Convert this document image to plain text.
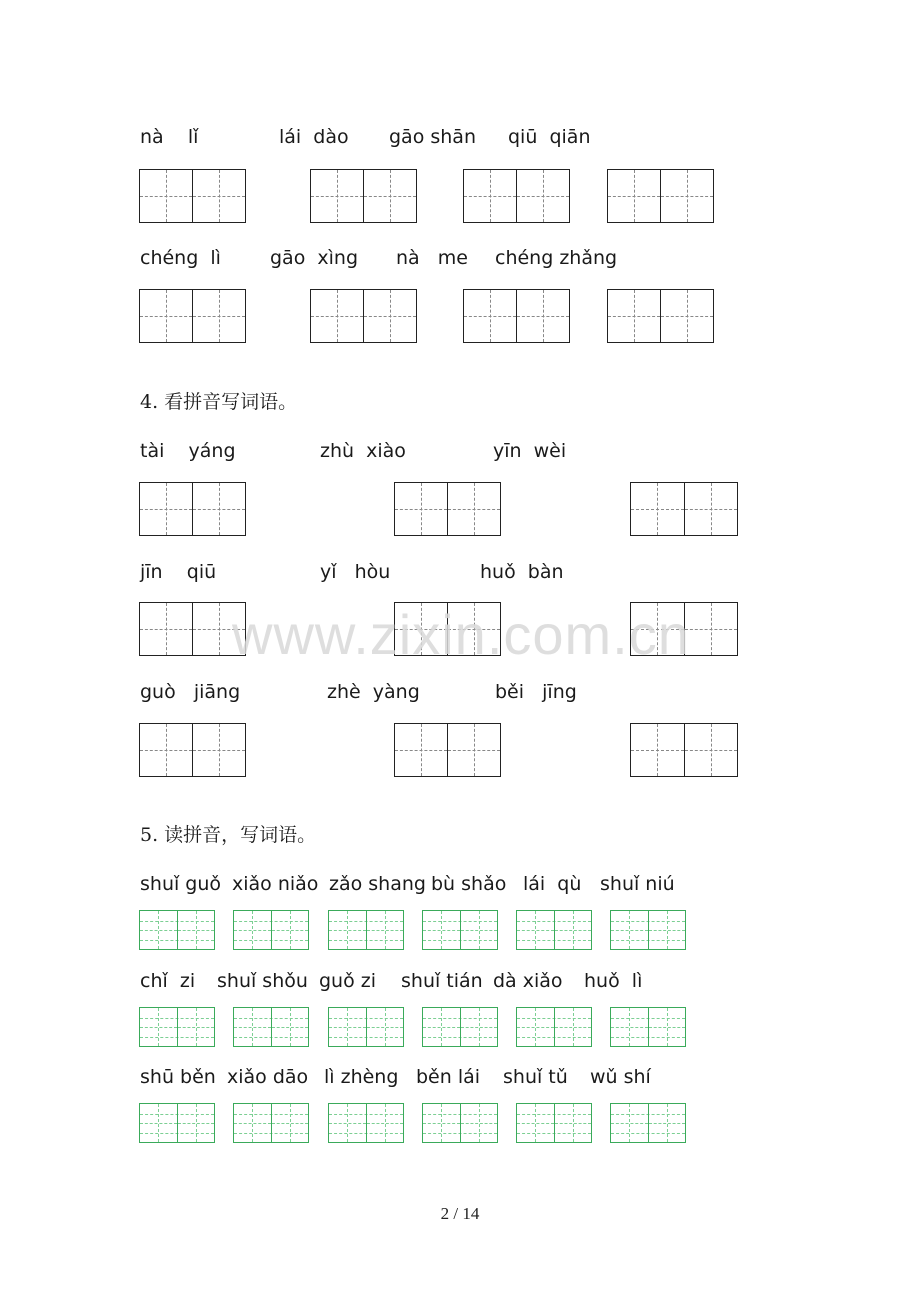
nà    lǐ	lái  dào gāo shān qiū  qiān
chéng  lì	gāo  xìng nà   me chéng zhǎng
4. 看拼音写词语。
tài    yáng	zhù  xiào	yīn  wèi
jīn    qiū	yǐ   hòu	huǒ  bàn
guò   jiāng	zhè  yàng	běi   jīng
5. 读拼音，写词语。
shuǐ guǒ xiǎo niǎo zǎo shang bù shǎo lái  qù shuǐ niú
chǐ  zi shuǐ shǒu guǒ zi shuǐ tián dà xiǎo huǒ  lì
shū běn xiǎo dāo lì zhèng běn lái shuǐ tǔ wǔ shí
www.zixin.com.cn
2 / 14
